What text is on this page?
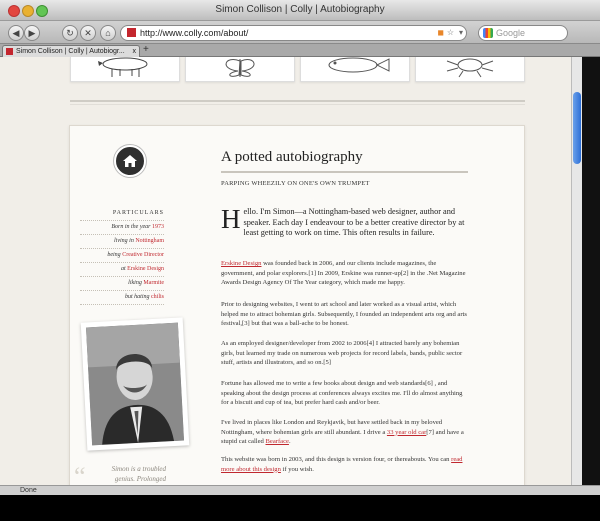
Simon Collison | Colly | Autobiography
◀	▶	↻	✕	⌂	http://www.colly.com/about/	◼ ☆ ▾	Google
Simon Collison | Colly | Autobiogr... x +
PARTICULARS
Born in the year 1973
living in Nottingham
being Creative Director
at Erskine Design
liking Marmite
but hating chilis
“	Simon is a troubled genius. Prolonged
A potted autobiography
PARPING WHEEZILY ON ONE'S OWN TRUMPET
Hello. I'm Simon—a Nottingham-based web designer, author and speaker. Each day I endeavour to be a better creative director by at least getting to work on time. This often results in failure.

Erskine Design was founded back in 2006, and our clients include magazines, the government, and polar explorers.[1] In 2009, Erskine was runner-up[2] in the .Net Magazine Awards Design Agency Of The Year category, which made me happy.

Prior to designing websites, I went to art school and later worked as a visual artist, which helped me to attract bohemian girls. Subsequently, I founded an independent arts org and arts festival,[3] but that was a ball-ache to be honest.

As an employed designer/developer from 2002 to 2006[4] I attracted barely any bohemian girls, but learned my trade on numerous web projects for record labels, bands, public sector stuff, artists and illustrators, and so on.[5]

Fortune has allowed me to write a few books about design and web standards[6] , and speaking about the design process at conferences always excites me. I'll do almost anything for a biscuit and cup of tea, but prefer hard cash and/or beer.

I've lived in places like London and Reykjavik, but have settled back in my beloved Nottingham, where bohemian girls are still abundant. I drive a 33 year old car[7] and have a stupid cat called Bearface.

This website was born in 2003, and this design is version four, or thereabouts. You can read more about this design if you wish.

Done
